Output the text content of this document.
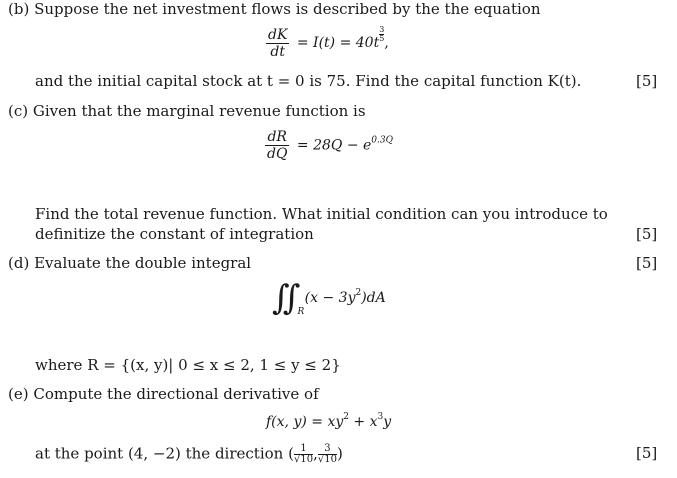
(b) Suppose the net investment flows is described by the the equation
$\frac{dK}{dt} = I(t) = 40t \frac{3}{5}$ ,
and the initial capital stock at t = 0 is 75. Find the capital function K(t).	[5]
(c) Given that the marginal revenue function is
$\frac{dR}{dQ} = 28Q - e^{0.3Q}$
Find the total revenue function. What initial condition can you introduce to
definitize the constant of integration	[5]
(d) Evaluate the double integral	[5]
∫∫ $_R$ $(x - 3y^2)dA$
where R = {(x, y)| 0 ≤ x ≤ 2, 1 ≤ y ≤ 2}
(e) Compute the directional derivative of
f(x, $y) = xy^2 + x^3y$
at the point (4, −2) the direction ( $\frac{1}{√10}$ , $\frac{3}{√10}$ )	[5]
